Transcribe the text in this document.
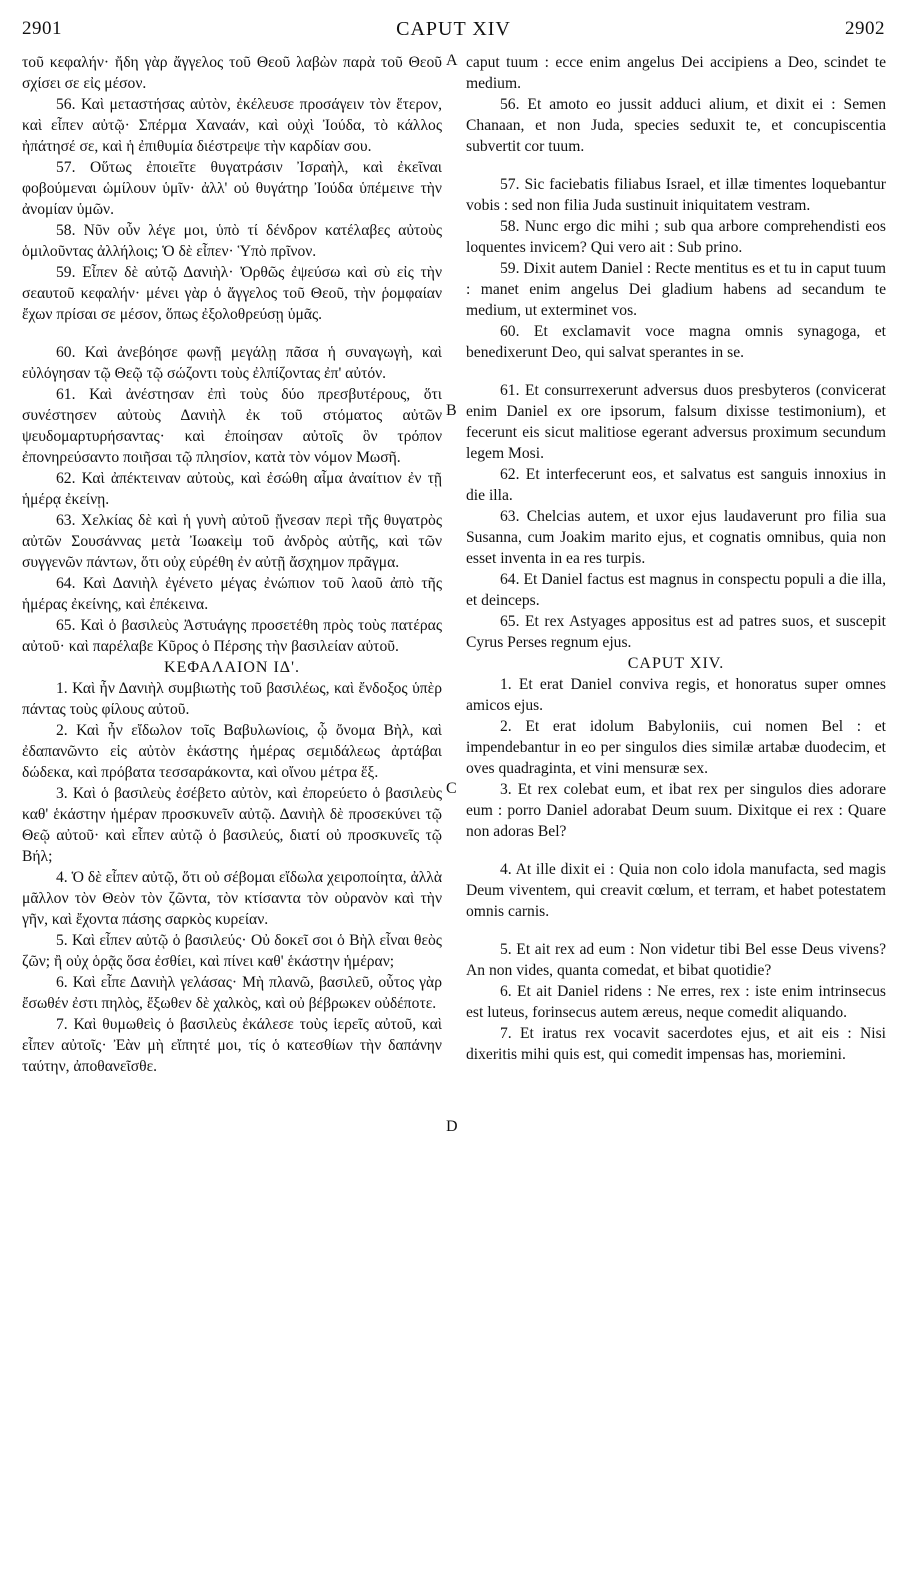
CAPUT XIV
2901	2902
A
B
C
D

τοῦ κεφαλήν· ἤδη γὰρ ἄγγελος τοῦ Θεοῦ λαβὼν παρὰ τοῦ Θεοῦ σχίσει σε εἰς μέσον.

56. Καὶ μεταστήσας αὐτὸν, ἐκέλευσε προσάγειν τὸν ἕτερον, καὶ εἶπεν αὐτῷ· Σπέρμα Χαναάν, καὶ οὐχὶ Ἰούδα, τὸ κάλλος ἠπάτησέ σε, καὶ ἡ ἐπιθυμία διέστρεψε τὴν καρδίαν σου.

57. Οὕτως ἐποιεῖτε θυγατράσιν Ἰσραὴλ, καὶ ἐκεῖναι φοβούμεναι ὡμίλουν ὑμῖν· ἀλλ' οὐ θυγάτηρ Ἰούδα ὑπέμεινε τὴν ἀνομίαν ὑμῶν.

58. Νῦν οὖν λέγε μοι, ὑπὸ τί δένδρον κατέλαβες αὐτοὺς ὁμιλοῦντας ἀλλήλοις; Ὁ δὲ εἶπεν· Ὑπὸ πρῖνον.

59. Εἶπεν δὲ αὐτῷ Δανιὴλ· Ὀρθῶς ἐψεύσω καὶ σὺ εἰς τὴν σεαυτοῦ κεφαλήν· μένει γὰρ ὁ ἄγγελος τοῦ Θεοῦ, τὴν ῥομφαίαν ἔχων πρίσαι σε μέσον, ὅπως ἐξολοθρεύσῃ ὑμᾶς.

60. Καὶ ἀνεβόησε φωνῇ μεγάλῃ πᾶσα ἡ συναγωγὴ, καὶ εὐλόγησαν τῷ Θεῷ τῷ σώζοντι τοὺς ἐλπίζοντας ἐπ' αὐτόν.

61. Καὶ ἀνέστησαν ἐπὶ τοὺς δύο πρεσβυτέρους, ὅτι συνέστησεν αὐτοὺς Δανιὴλ ἐκ τοῦ στόματος αὐτῶν ψευδομαρτυρήσαντας· καὶ ἐποίησαν αὐτοῖς ὃν τρόπον ἐπονηρεύσαντο ποιῆσαι τῷ πλησίον, κατὰ τὸν νόμον Μωσῆ.

62. Καὶ ἀπέκτειναν αὐτοὺς, καὶ ἐσώθη αἷμα ἀναίτιον ἐν τῇ ἡμέρᾳ ἐκείνῃ.

63. Χελκίας δὲ καὶ ἡ γυνὴ αὐτοῦ ᾔνεσαν περὶ τῆς θυγατρὸς αὐτῶν Σουσάννας μετὰ Ἰωακεὶμ τοῦ ἀνδρὸς αὐτῆς, καὶ τῶν συγγενῶν πάντων, ὅτι οὐχ εὑρέθη ἐν αὐτῇ ἄσχημον πρᾶγμα.

64. Καὶ Δανιὴλ ἐγένετο μέγας ἐνώπιον τοῦ λαοῦ ἀπὸ τῆς ἡμέρας ἐκείνης, καὶ ἐπέκεινα.

65. Καὶ ὁ βασιλεὺς Ἀστυάγης προσετέθη πρὸς τοὺς πατέρας αὐτοῦ· καὶ παρέλαβε Κῦρος ὁ Πέρσης τὴν βασιλείαν αὐτοῦ.

ΚΕΦΑΛΑΙΟΝ ΙΔ'.

1. Καὶ ἦν Δανιὴλ συμβιωτὴς τοῦ βασιλέως, καὶ ἔνδοξος ὑπὲρ πάντας τοὺς φίλους αὐτοῦ.

2. Καὶ ἦν εἴδωλον τοῖς Βαβυλωνίοις, ᾧ ὄνομα Βὴλ, καὶ ἐδαπανῶντο εἰς αὐτὸν ἑκάστης ἡμέρας σεμιδάλεως ἀρτάβαι δώδεκα, καὶ πρόβατα τεσσαράκοντα, καὶ οἴνου μέτρα ἕξ.

3. Καὶ ὁ βασιλεὺς ἐσέβετο αὐτὸν, καὶ ἐπορεύετο ὁ βασιλεὺς καθ' ἑκάστην ἡμέραν προσκυνεῖν αὐτῷ. Δανιὴλ δὲ προσεκύνει τῷ Θεῷ αὐτοῦ· καὶ εἶπεν αὐτῷ ὁ βασιλεύς, διατί οὐ προσκυνεῖς τῷ Βήλ;

4. Ὁ δὲ εἶπεν αὐτῷ, ὅτι οὐ σέβομαι εἴδωλα χειροποίητα, ἀλλὰ μᾶλλον τὸν Θεὸν τὸν ζῶντα, τὸν κτίσαντα τὸν οὐρανὸν καὶ τὴν γῆν, καὶ ἔχοντα πάσης σαρκὸς κυρείαν.

5. Καὶ εἶπεν αὐτῷ ὁ βασιλεύς· Οὐ δοκεῖ σοι ὁ Βὴλ εἶναι θεὸς ζῶν; ἢ οὐχ ὁρᾷς ὅσα ἐσθίει, καὶ πίνει καθ' ἑκάστην ἡμέραν;

6. Καὶ εἶπε Δανιὴλ γελάσας· Μὴ πλανῶ, βασιλεῦ, οὗτος γὰρ ἔσωθέν ἐστι πηλὸς, ἔξωθεν δὲ χαλκὸς, καὶ οὐ βέβρωκεν οὐδέποτε.

7. Καὶ θυμωθεὶς ὁ βασιλεὺς ἐκάλεσε τοὺς ἱερεῖς αὐτοῦ, καὶ εἶπεν αὐτοῖς· Ἐὰν μὴ εἴπητέ μοι, τίς ὁ κατεσθίων τὴν δαπάνην ταύτην, ἀποθανεῖσθε.

caput tuum : ecce enim angelus Dei accipiens a Deo, scindet te medium.

56. Et amoto eo jussit adduci alium, et dixit ei : Semen Chanaan, et non Juda, species seduxit te, et concupiscentia subvertit cor tuum.

57. Sic faciebatis filiabus Israel, et illæ timentes loquebantur vobis : sed non filia Juda sustinuit iniquitatem vestram.

58. Nunc ergo dic mihi ; sub qua arbore comprehendisti eos loquentes invicem? Qui vero ait : Sub prino.

59. Dixit autem Daniel : Recte mentitus es et tu in caput tuum : manet enim angelus Dei gladium habens ad secandum te medium, ut exterminet vos.

60. Et exclamavit voce magna omnis synagoga, et benedixerunt Deo, qui salvat sperantes in se.

61. Et consurrexerunt adversus duos presbyteros (convicerat enim Daniel ex ore ipsorum, falsum dixisse testimonium), et fecerunt eis sicut malitiose egerant adversus proximum secundum legem Mosi.

62. Et interfecerunt eos, et salvatus est sanguis innoxius in die illa.

63. Chelcias autem, et uxor ejus laudaverunt pro filia sua Susanna, cum Joakim marito ejus, et cognatis omnibus, quia non esset inventa in ea res turpis.

64. Et Daniel factus est magnus in conspectu populi a die illa, et deinceps.

65. Et rex Astyages appositus est ad patres suos, et suscepit Cyrus Perses regnum ejus.

CAPUT XIV.

1. Et erat Daniel conviva regis, et honoratus super omnes amicos ejus.

2. Et erat idolum Babyloniis, cui nomen Bel : et impendebantur in eo per singulos dies similæ artabæ duodecim, et oves quadraginta, et vini mensuræ sex.

3. Et rex colebat eum, et ibat rex per singulos dies adorare eum : porro Daniel adorabat Deum suum. Dixitque ei rex : Quare non adoras Bel?

4. At ille dixit ei : Quia non colo idola manufacta, sed magis Deum viventem, qui creavit cœlum, et terram, et habet potestatem omnis carnis.

5. Et ait rex ad eum : Non videtur tibi Bel esse Deus vivens? An non vides, quanta comedat, et bibat quotidie?

6. Et ait Daniel ridens : Ne erres, rex : iste enim intrinsecus est luteus, forinsecus autem æreus, neque comedit aliquando.

7. Et iratus rex vocavit sacerdotes ejus, et ait eis : Nisi dixeritis mihi quis est, qui comedit impensas has, moriemini.
